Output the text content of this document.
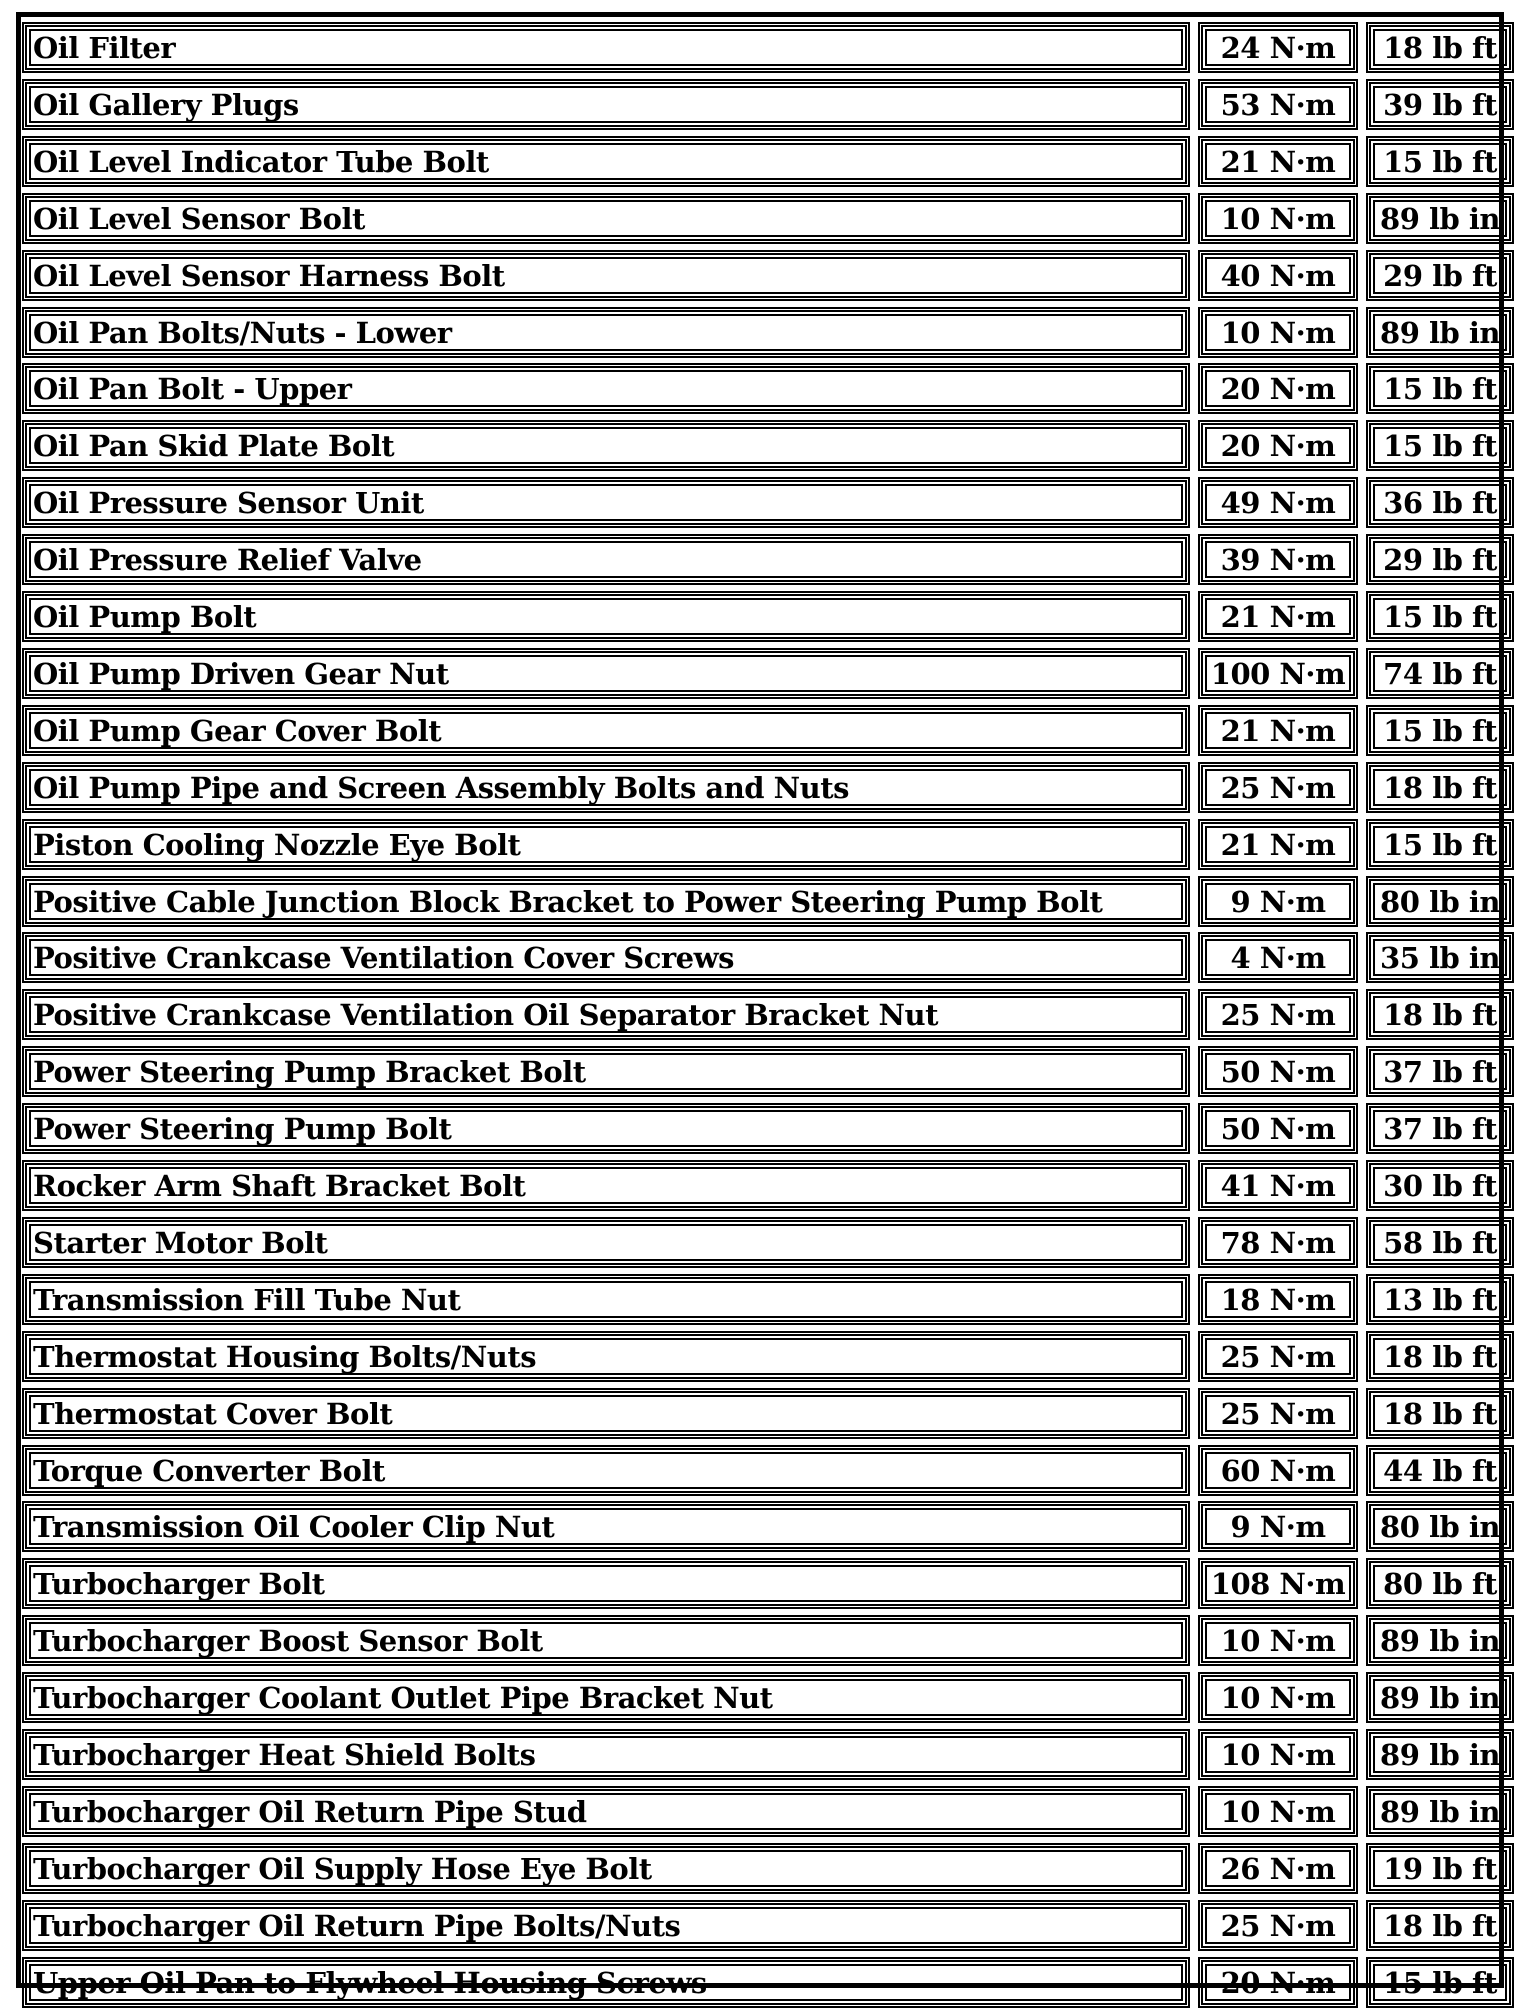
Oil Filter	24 N·m	18 lb ft
Oil Gallery Plugs	53 N·m	39 lb ft
Oil Level Indicator Tube Bolt	21 N·m	15 lb ft
Oil Level Sensor Bolt	10 N·m	89 lb in
Oil Level Sensor Harness Bolt	40 N·m	29 lb ft
Oil Pan Bolts/Nuts - Lower	10 N·m	89 lb in
Oil Pan Bolt - Upper	20 N·m	15 lb ft
Oil Pan Skid Plate Bolt	20 N·m	15 lb ft
Oil Pressure Sensor Unit	49 N·m	36 lb ft
Oil Pressure Relief Valve	39 N·m	29 lb ft
Oil Pump Bolt	21 N·m	15 lb ft
Oil Pump Driven Gear Nut	100 N·m	74 lb ft
Oil Pump Gear Cover Bolt	21 N·m	15 lb ft
Oil Pump Pipe and Screen Assembly Bolts and Nuts	25 N·m	18 lb ft
Piston Cooling Nozzle Eye Bolt	21 N·m	15 lb ft
Positive Cable Junction Block Bracket to Power Steering Pump Bolt	9 N·m	80 lb in
Positive Crankcase Ventilation Cover Screws	4 N·m	35 lb in
Positive Crankcase Ventilation Oil Separator Bracket Nut	25 N·m	18 lb ft
Power Steering Pump Bracket Bolt	50 N·m	37 lb ft
Power Steering Pump Bolt	50 N·m	37 lb ft
Rocker Arm Shaft Bracket Bolt	41 N·m	30 lb ft
Starter Motor Bolt	78 N·m	58 lb ft
Transmission Fill Tube Nut	18 N·m	13 lb ft
Thermostat Housing Bolts/Nuts	25 N·m	18 lb ft
Thermostat Cover Bolt	25 N·m	18 lb ft
Torque Converter Bolt	60 N·m	44 lb ft
Transmission Oil Cooler Clip Nut	9 N·m	80 lb in
Turbocharger Bolt	108 N·m	80 lb ft
Turbocharger Boost Sensor Bolt	10 N·m	89 lb in
Turbocharger Coolant Outlet Pipe Bracket Nut	10 N·m	89 lb in
Turbocharger Heat Shield Bolts	10 N·m	89 lb in
Turbocharger Oil Return Pipe Stud	10 N·m	89 lb in
Turbocharger Oil Supply Hose Eye Bolt	26 N·m	19 lb ft
Turbocharger Oil Return Pipe Bolts/Nuts	25 N·m	18 lb ft
Upper Oil Pan to Flywheel Housing Screws	20 N·m	15 lb ft
